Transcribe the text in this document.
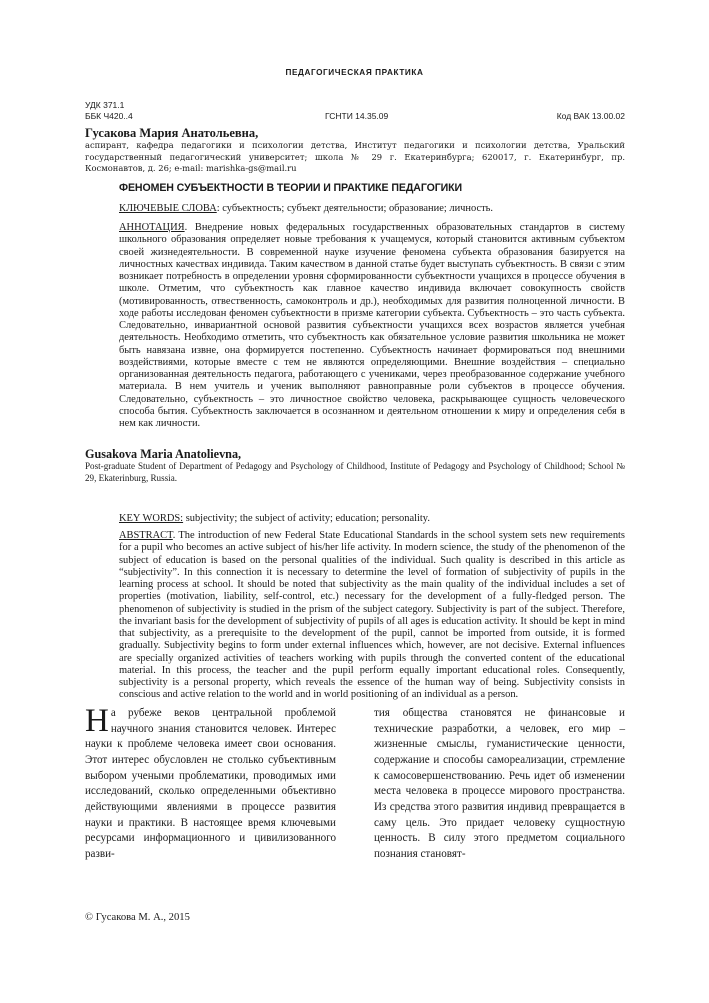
ПЕДАГОГИЧЕСКАЯ ПРАКТИКА
УДК 371.1
ББК Ч420..4	ГСНТИ 14.35.09	Код ВАК 13.00.02
Гусакова Мария Анатольевна,
аспирант, кафедра педагогики и психологии детства, Институт педагогики и психологии детства, Уральский государственный педагогический университет; школа № 29 г. Екатеринбурга; 620017, г. Екатеринбург, пр. Космонавтов, д. 26; e-mail: marishka-gs@mail.ru
ФЕНОМЕН СУБЪЕКТНОСТИ В ТЕОРИИ И ПРАКТИКЕ ПЕДАГОГИКИ
КЛЮЧЕВЫЕ СЛОВА: субъектность; субъект деятельности; образование; личность.
АННОТАЦИЯ. Внедрение новых федеральных государственных образовательных стандартов в систему школьного образования определяет новые требования к учащемуся, который становится активным субъектом своей жизнедеятельности. В современной науке изучение феномена субъекта образования базируется на личностных качествах индивида. Таким качеством в данной статье будет выступать субъектность. В связи с этим возникает потребность в определении уровня сформированности субъектности учащихся в процессе обучения в школе. Отметим, что субъектность как главное качество индивида включает совокупность свойств (мотивированность, отвественность, самоконтроль и др.), необходимых для развития полноценной личности. В ходе работы исследован феномен субъектности в призме категории субъекта. Субъектность – это часть субъекта. Следовательно, инвариантной основой развития субъектности учащихся всех возрастов является учебная деятельность. Необходимо отметить, что субъектность как обязательное условие развития школьника не может быть навязана извне, она формируется постепенно. Субъектность начинает формироваться под внешними воздействиями, которые вместе с тем не являются определяющими. Внешние воздействия – специально организованная деятельность педагога, работающего с учениками, через преобразованное содержание учебного материала. В нем учитель и ученик выполняют равноправные роли субъектов в процессе обучения. Следовательно, субъектность – это личностное свойство человека, раскрывающее сущность человеческого способа бытия. Субъектность заключается в осознанном и деятельном отношении к миру и определения себя в нем как личности.
Gusakova Maria Anatolievna,
Post-graduate Student of Department of Pedagogy and Psychology of Childhood, Institute of Pedagogy and Psychology of Childhood; School № 29, Ekaterinburg, Russia.
KEY WORDS: subjectivity; the subject of activity; education; personality.
ABSTRACT. The introduction of new Federal State Educational Standards in the school system sets new requirements for a pupil who becomes an active subject of his/her life activity. In modern science, the study of the phenomenon of the subject of education is based on the personal qualities of the individual. Such quality is described in this article as “subjectivity”. In this connection it is necessary to determine the level of formation of subjectivity of pupils in the learning process at school. It should be noted that subjectivity as the main quality of the individual includes a set of properties (motivation, liability, self-control, etc.) necessary for the development of a fully-fledged person. The phenomenon of subjectivity is studied in the prism of the subject category. Subjectivity is part of the subject. Therefore, the invariant basis for the development of subjectivity of pupils of all ages is education activity. It should be kept in mind that subjectivity, as a prerequisite to the development of the pupil, cannot be imported from outside, it is formed gradually. Subjectivity begins to form under external influences which, however, are not decisive. External influences are specially organized activities of teachers working with pupils through the converted content of the educational material. In this process, the teacher and the pupil perform equally important educational roles. Consequently, subjectivity is a personal property, which reveals the essence of the human way of being. Subjectivity consists in conscious and active relation to the world and in world positioning of an individual as a person.
На рубеже веков центральной проблемой научного знания становится человек. Интерес науки к проблеме человека имеет свои основания. Этот интерес обусловлен не столько субъективным выбором учеными проблематики, проводимых ими исследований, сколько определенными объективно действующими явлениями в процессе развития науки и практики. В настоящее время ключевыми ресурсами информационного и цивилизованного разви-
тия общества становятся не финансовые и технические разработки, а человек, его мир – жизненные смыслы, гуманистические ценности, содержание и способы самореализации, стремление к самосовершенствованию. Речь идет об изменении места человека в процессе мирового пространства. Из средства этого развития индивид превращается в саму цель. Это придает человеку сущностную ценность. В силу этого предметом социального познания становят-
© Гусакова М. А., 2015
